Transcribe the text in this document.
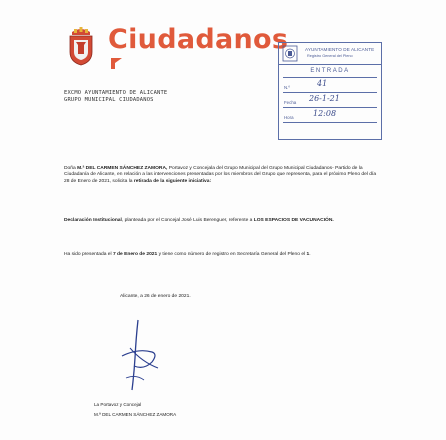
Ciudadanos
EXCMO AYUNTAMIENTO DE ALICANTE
GRUPO MUNICIPAL CIUDADANOS
AYUNTAMIENTO DE ALICANTE
Registro General del Pleno
ENTRADA
N.º	41
Fecha 26-1-21
Hora 12:08
Doña M.ª DEL CARMEN SÁNCHEZ ZAMORA, Portavoz y Concejala del Grupo Municipal del Grupo Municipal Ciudadanos- Partido de la Ciudadanía de Alicante, en relación a las intervenciones presentadas por los miembros del Grupo que representa, para el próximo Pleno del día 28 de Enero de 2021, solicita la retirada de la siguiente iniciativa:
Declaración Institucional, planteada por el Concejal José Luis Berenguer, referente a LOS ESPACIOS DE VACUNACIÓN.
Ha sido presentada el 7 de Enero de 2021 y tiene como número de registro en Secretaría General del Pleno el 1.
Alicante, a 26 de enero de 2021.
La Portavoz y Concejal
M.ª DEL CARMEN SÁNCHEZ ZAMORA
